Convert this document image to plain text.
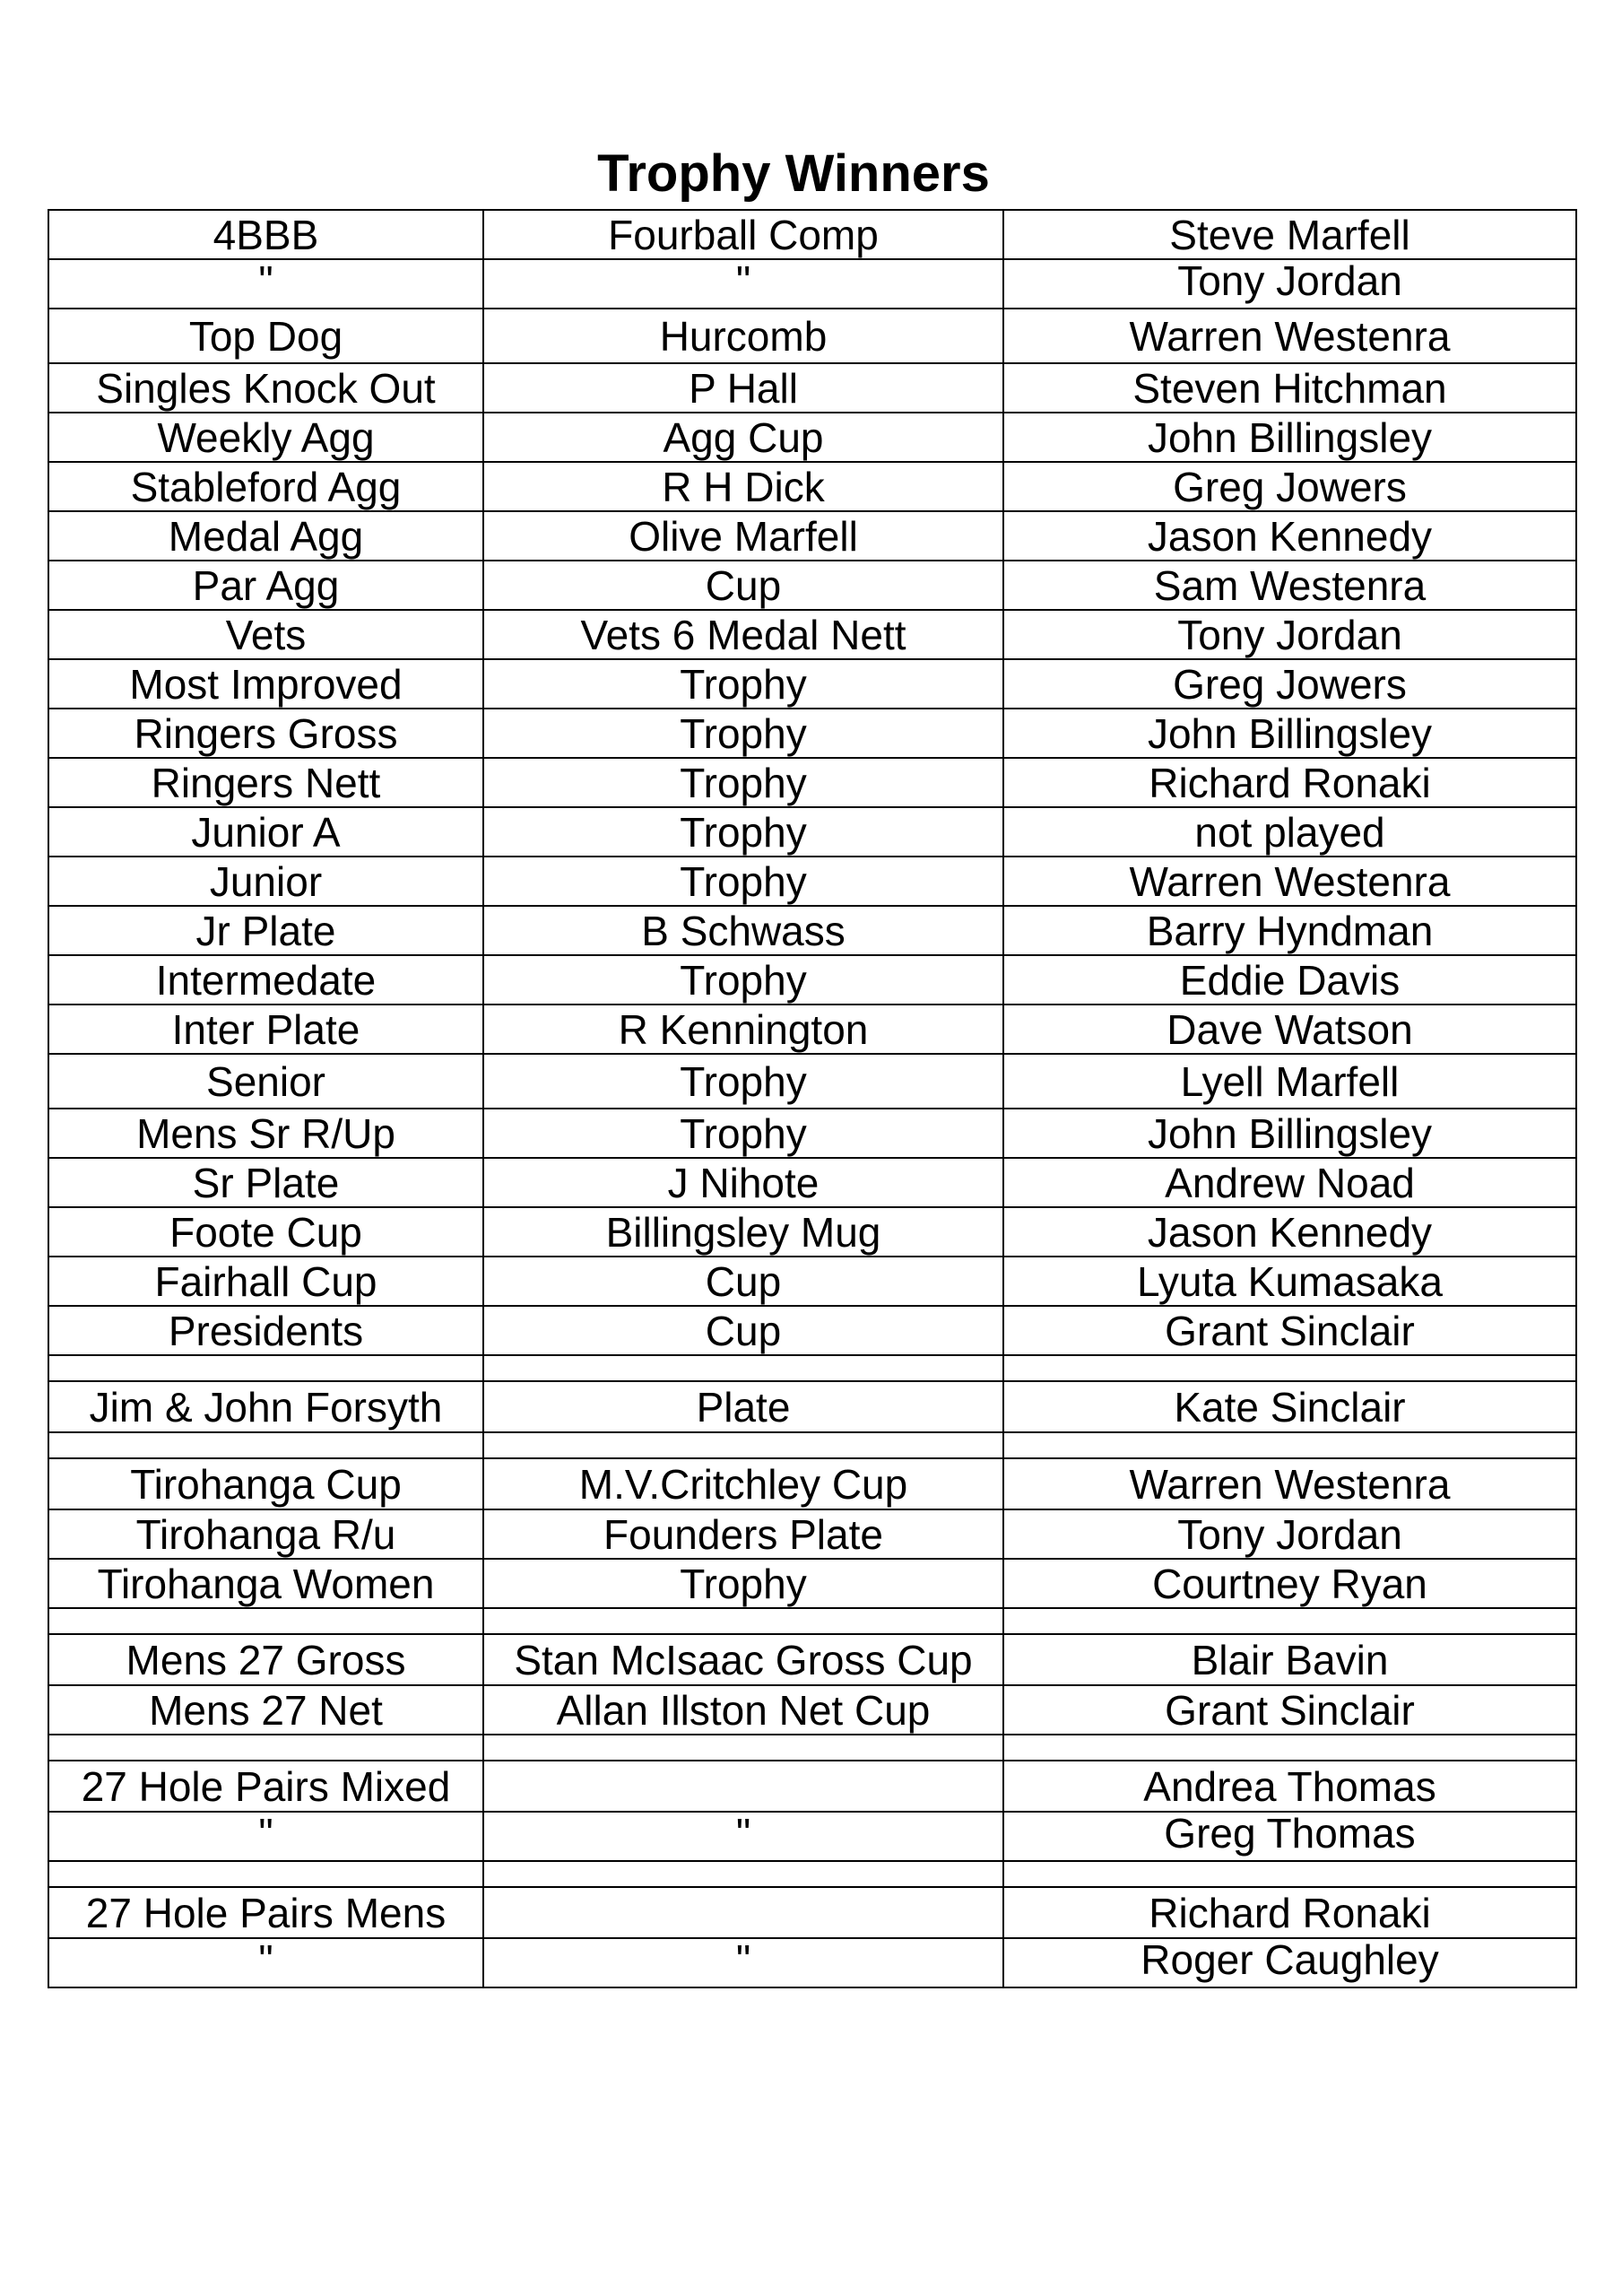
Trophy Winners
4BBB	Fourball Comp	Steve Marfell
"	"	Tony Jordan
Top Dog	Hurcomb	Warren Westenra
Singles Knock Out	P Hall	Steven Hitchman
Weekly Agg	Agg Cup	John Billingsley
Stableford Agg	R H Dick	Greg Jowers
Medal Agg	Olive Marfell	Jason Kennedy
Par Agg	Cup	Sam Westenra
Vets	Vets 6 Medal Nett	Tony Jordan
Most Improved	Trophy	Greg Jowers
Ringers Gross	Trophy	John Billingsley
Ringers Nett	Trophy	Richard Ronaki
Junior A	Trophy	not played
Junior	Trophy	Warren Westenra
Jr Plate	B Schwass	Barry Hyndman
Intermedate	Trophy	Eddie Davis
Inter Plate	R Kennington	Dave Watson
Senior	Trophy	Lyell Marfell
Mens Sr R/Up	Trophy	John Billingsley
Sr Plate	J Nihote	Andrew Noad
Foote Cup	Billingsley Mug	Jason Kennedy
Fairhall Cup	Cup	Lyuta Kumasaka
Presidents	Cup	Grant Sinclair

Jim & John Forsyth	Plate	Kate Sinclair

Tirohanga Cup	M.V.Critchley Cup	Warren Westenra
Tirohanga R/u	Founders Plate	Tony Jordan
Tirohanga Women	Trophy	Courtney Ryan

Mens 27 Gross	Stan McIsaac Gross Cup	Blair Bavin
Mens 27 Net	Allan Illston Net Cup	Grant Sinclair

27 Hole Pairs Mixed		Andrea Thomas
"	"	Greg Thomas

27 Hole Pairs Mens		Richard Ronaki
"	"	Roger Caughley
